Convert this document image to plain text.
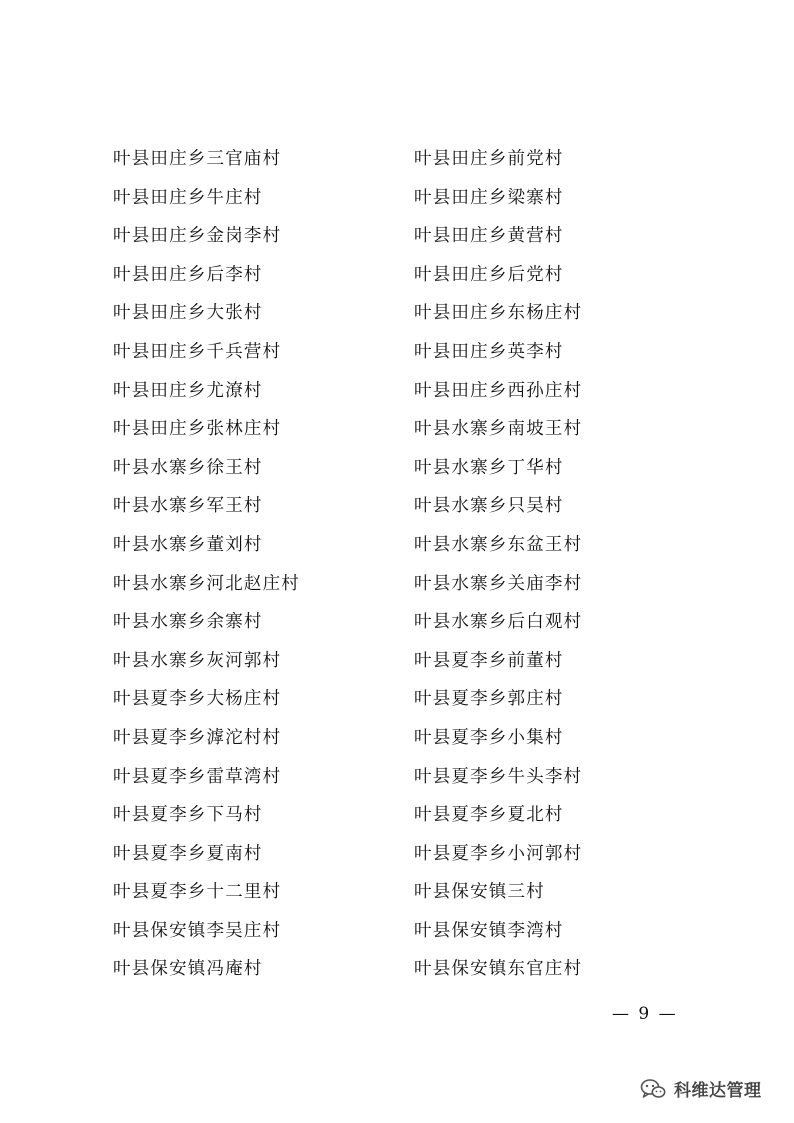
叶县田庄乡三官庙村
叶县田庄乡牛庄村
叶县田庄乡金岗李村
叶县田庄乡后李村
叶县田庄乡大张村
叶县田庄乡千兵营村
叶县田庄乡尤潦村
叶县田庄乡张林庄村
叶县水寨乡徐王村
叶县水寨乡军王村
叶县水寨乡董刘村
叶县水寨乡河北赵庄村
叶县水寨乡余寨村
叶县水寨乡灰河郭村
叶县夏李乡大杨庄村
叶县夏李乡滹沱村村
叶县夏李乡雷草湾村
叶县夏李乡下马村
叶县夏李乡夏南村
叶县夏李乡十二里村
叶县保安镇李吴庄村
叶县保安镇冯庵村
叶县田庄乡前党村
叶县田庄乡梁寨村
叶县田庄乡黄营村
叶县田庄乡后党村
叶县田庄乡东杨庄村
叶县田庄乡英李村
叶县田庄乡西孙庄村
叶县水寨乡南坡王村
叶县水寨乡丁华村
叶县水寨乡只吴村
叶县水寨乡东盆王村
叶县水寨乡关庙李村
叶县水寨乡后白观村
叶县夏李乡前董村
叶县夏李乡郭庄村
叶县夏李乡小集村
叶县夏李乡牛头李村
叶县夏李乡夏北村
叶县夏李乡小河郭村
叶县保安镇三村
叶县保安镇李湾村
叶县保安镇东官庄村
— 9 —
科维达管理
